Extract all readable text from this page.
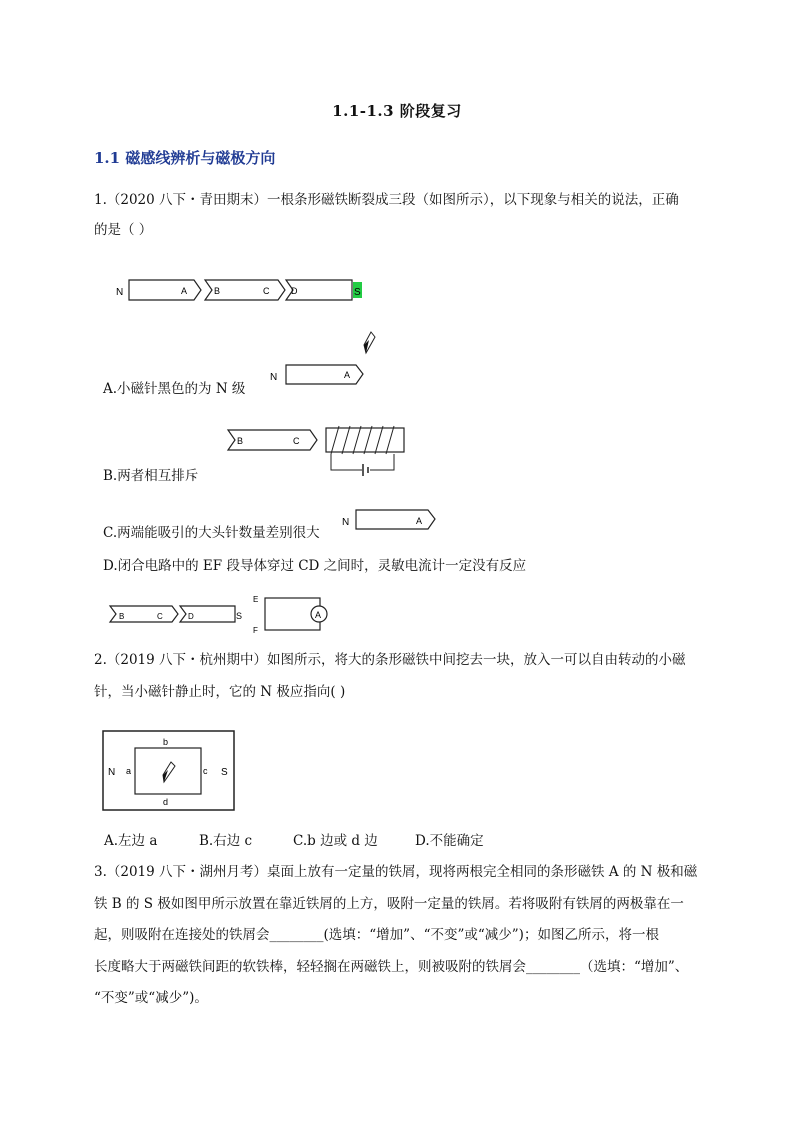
1.1-1.3 阶段复习
1.1 磁感线辨析与磁极方向
1.（2020 八下・青田期末）一根条形磁铁断裂成三段（如图所示），以下现象与相关的说法，正确
的是（ ）
N	A	B	C D	S
N	A
A.小磁针黑色的为 N 级
B	C
B.两者相互排斥
N	A
C.两端能吸引的大头针数量差别很大
D.闭合电路中的 EF 段导体穿过 CD 之间时，灵敏电流计一定没有反应
B	C	D	S
E
F
A
2.（2019 八下・杭州期中）如图所示，将大的条形磁铁中间挖去一块，放入一可以自由转动的小磁
针，当小磁针静止时，它的 N 极应指向( )
N	S
a	c
b
d
A.左边 a	B.右边 c	C.b 边或 d 边	D.不能确定
3.（2019 八下・湖州月考）桌面上放有一定量的铁屑，现将两根完全相同的条形磁铁 A 的 N 极和磁
铁 B 的 S 极如图甲所示放置在靠近铁屑的上方，吸附一定量的铁屑。若将吸附有铁屑的两极靠在一
起，则吸附在连接处的铁屑会________(选填：“增加”、“不变”或“减少”)；如图乙所示，将一根
长度略大于两磁铁间距的软铁棒，轻轻搁在两磁铁上，则被吸附的铁屑会________（选填：“增加”、
“不变”或“减少”)。
